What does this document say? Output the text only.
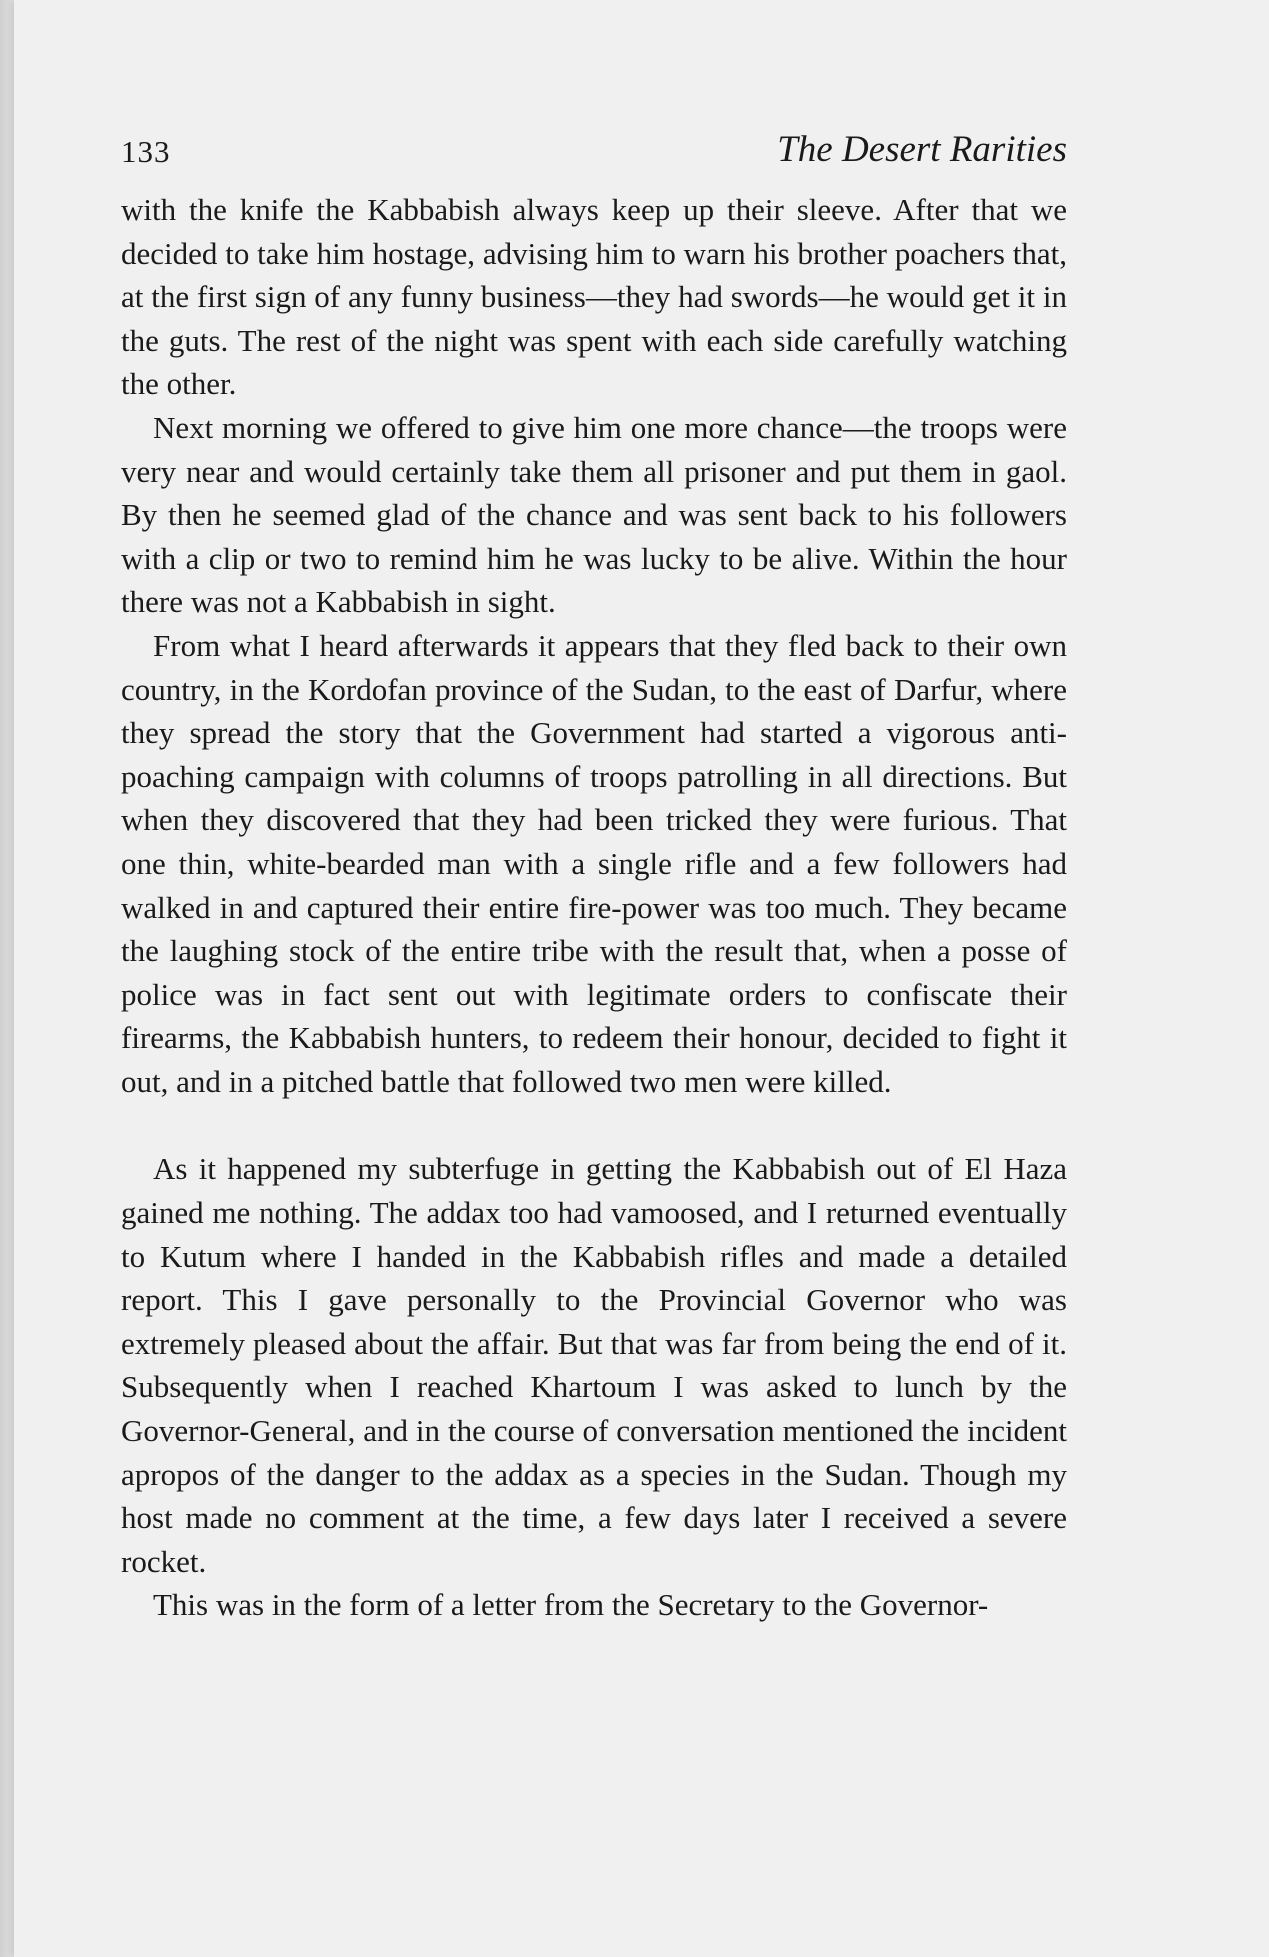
133	The Desert Rarities

with the knife the Kabbabish always keep up their sleeve. After that we decided to take him hostage, advising him to warn his brother poachers that, at the first sign of any funny business—they had swords—he would get it in the guts. The rest of the night was spent with each side carefully watching the other.

Next morning we offered to give him one more chance—the troops were very near and would certainly take them all prisoner and put them in gaol. By then he seemed glad of the chance and was sent back to his followers with a clip or two to remind him he was lucky to be alive. Within the hour there was not a Kabbabish in sight.

From what I heard afterwards it appears that they fled back to their own country, in the Kordofan province of the Sudan, to the east of Darfur, where they spread the story that the Government had started a vigorous anti-poaching campaign with columns of troops patrolling in all directions. But when they discovered that they had been tricked they were furious. That one thin, white-bearded man with a single rifle and a few followers had walked in and captured their entire fire-power was too much. They became the laughing stock of the entire tribe with the result that, when a posse of police was in fact sent out with legitimate orders to confiscate their firearms, the Kabbabish hunters, to redeem their honour, decided to fight it out, and in a pitched battle that followed two men were killed.

As it happened my subterfuge in getting the Kabbabish out of El Haza gained me nothing. The addax too had vamoosed, and I returned eventually to Kutum where I handed in the Kabbabish rifles and made a detailed report. This I gave personally to the Provincial Governor who was extremely pleased about the affair. But that was far from being the end of it. Subsequently when I reached Khartoum I was asked to lunch by the Governor-General, and in the course of conversation mentioned the incident apropos of the danger to the addax as a species in the Sudan. Though my host made no comment at the time, a few days later I received a severe rocket.

This was in the form of a letter from the Secretary to the Governor-
